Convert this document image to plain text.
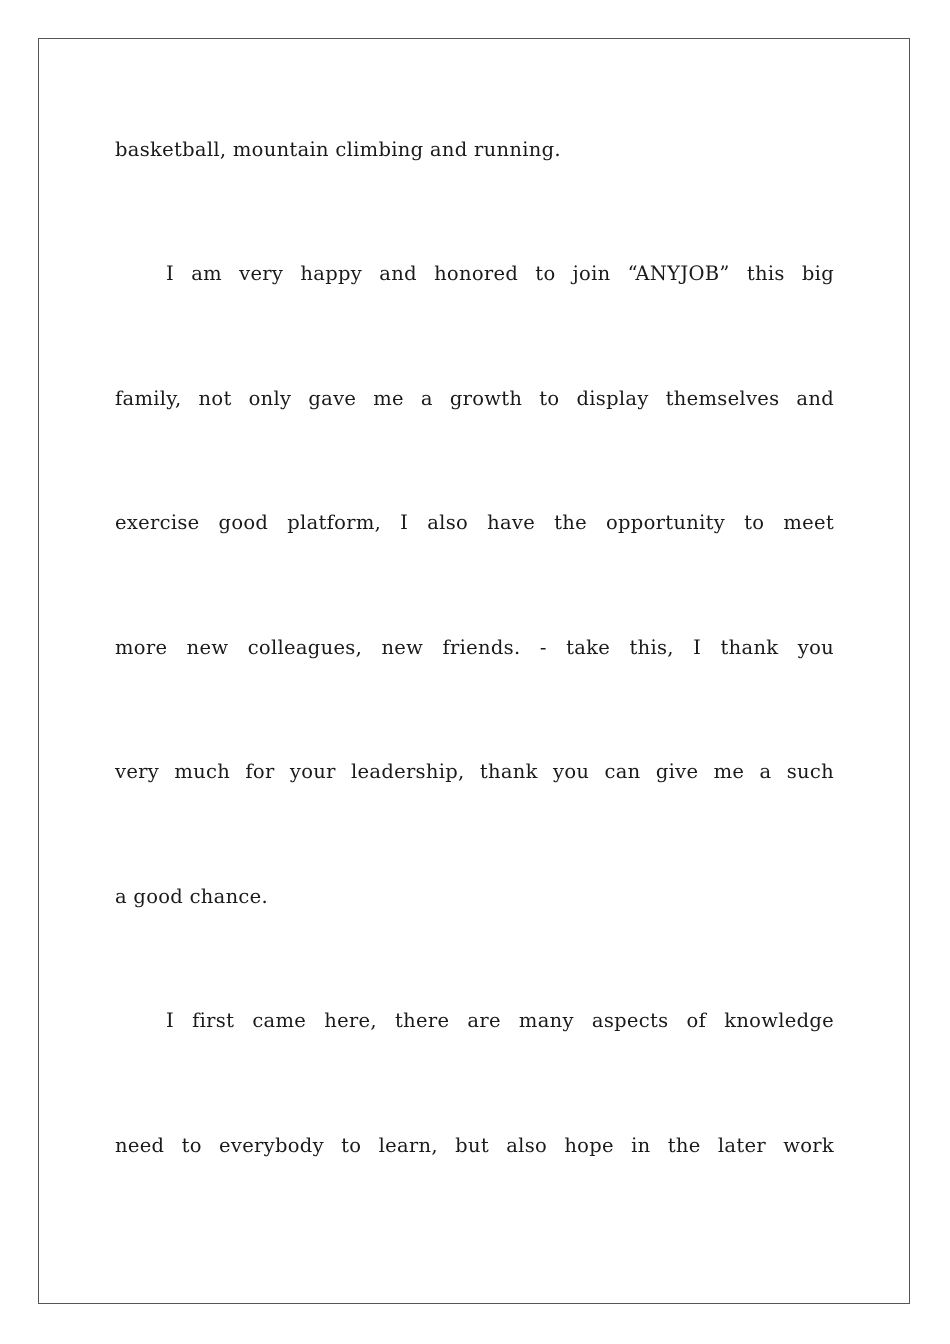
basketball, mountain climbing and running.
I am very happy and honored to join “ANYJOB” this big
family, not only gave me a growth to display themselves and
exercise good platform, I also have the opportunity to meet
more new colleagues, new friends. - take this, I thank you
very much for your leadership, thank you can give me a such
a good chance.
I first came here, there are many aspects of knowledge
need to everybody to learn, but also hope in the later work
